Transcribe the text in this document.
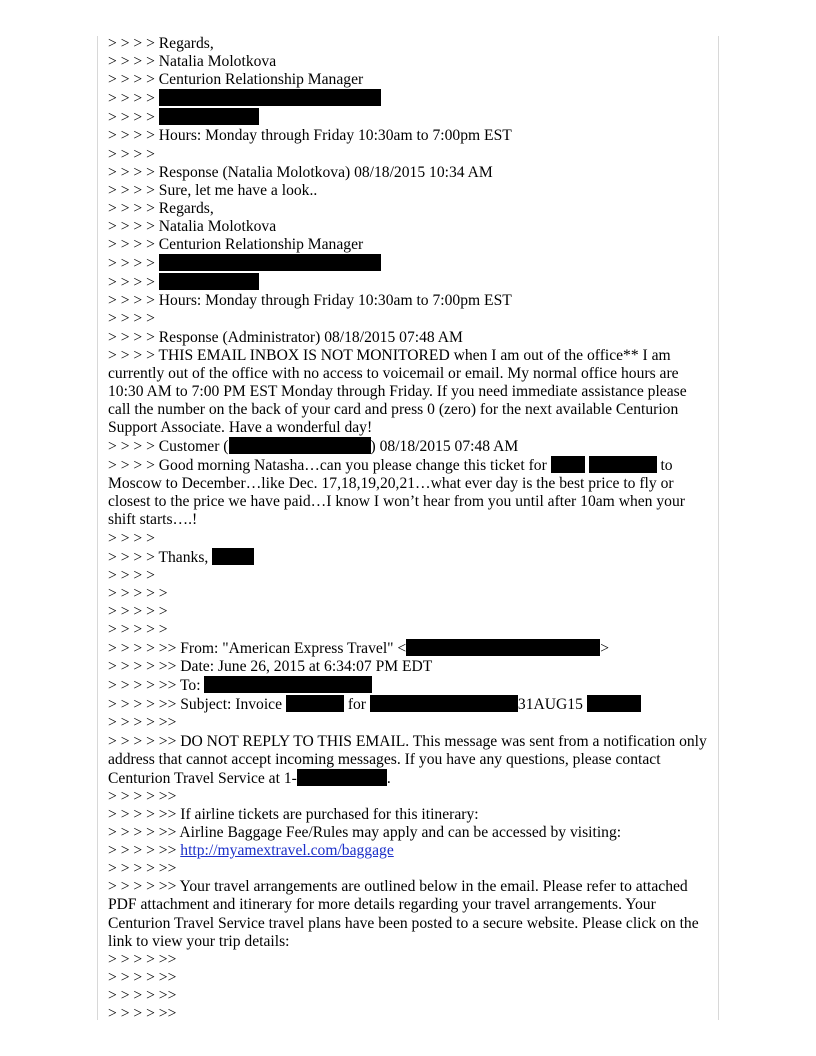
> > > > Regards,

> > > > Natalia Molotkova

> > > > Centurion Relationship Manager

> > > >

> > > >

> > > > Hours: Monday through Friday 10:30am to 7:00pm EST

> > > >

> > > > Response (Natalia Molotkova) 08/18/2015 10:34 AM

> > > > Sure, let me have a look..

> > > > Regards,

> > > > Natalia Molotkova

> > > > Centurion Relationship Manager

> > > >

> > > >

> > > > Hours: Monday through Friday 10:30am to 7:00pm EST

> > > >

> > > > Response (Administrator) 08/18/2015 07:48 AM

> > > > THIS EMAIL INBOX IS NOT MONITORED when I am out of the office** I am currently out of the office with no access to voicemail or email. My normal office hours are 10:30 AM to 7:00 PM EST Monday through Friday. If you need immediate assistance please call the number on the back of your card and press 0 (zero) for the next available Centurion Support Associate. Have a wonderful day!

> > > > Customer (	) 08/18/2015 07:48 AM

> > > > Good morning Natasha…can you please change this ticket for	to Moscow to December…like Dec. 17,18,19,20,21…what ever day is the best price to fly or closest to the price we have paid…I know I won’t hear from you until after 10am when your shift starts….!

> > > >

> > > > Thanks,

> > > >

> > > > >

> > > > >

> > > > >

> > > > >> From: "American Express Travel" <	>

> > > > >> Date: June 26, 2015 at 6:34:07 PM EDT

> > > > >> To:

> > > > >> Subject: Invoice	for	31AUG15

> > > > >>

> > > > >> DO NOT REPLY TO THIS EMAIL. This message was sent from a notification only address that cannot accept incoming messages. If you have any questions, please contact Centurion Travel Service at 1-	.

> > > > >>

> > > > >> If airline tickets are purchased for this itinerary:

> > > > >> Airline Baggage Fee/Rules may apply and can be accessed by visiting:

> > > > >> http://myamextravel.com/baggage

> > > > >>

> > > > >> Your travel arrangements are outlined below in the email. Please refer to attached PDF attachment and itinerary for more details regarding your travel arrangements. Your Centurion Travel Service travel plans have been posted to a secure website. Please click on the link to view your trip details:

> > > > >>

> > > > >>

> > > > >>

> > > > >>
